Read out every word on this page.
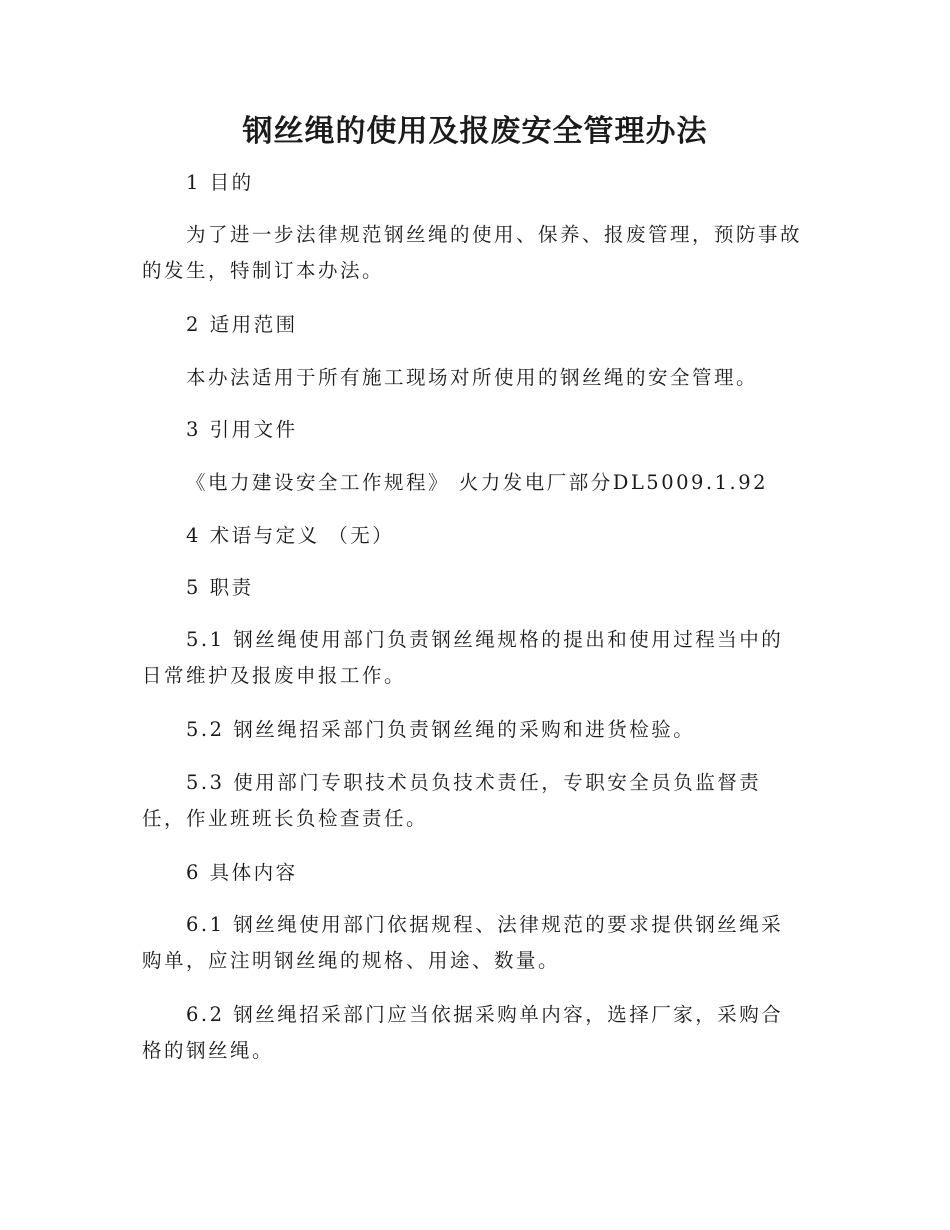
钢丝绳的使用及报废安全管理办法

1 目的

为了进一步法律规范钢丝绳的使用、保养、报废管理，预防事故的发生，特制订本办法。

2 适用范围

本办法适用于所有施工现场对所使用的钢丝绳的安全管理。

3 引用文件

《电力建设安全工作规程》 火力发电厂部分DL5009.1.92

4 术语与定义 （无）

5 职责

5.1 钢丝绳使用部门负责钢丝绳规格的提出和使用过程当中的日常维护及报废申报工作。

5.2 钢丝绳招采部门负责钢丝绳的采购和进货检验。

5.3 使用部门专职技术员负技术责任，专职安全员负监督责任，作业班班长负检查责任。

6 具体内容

6.1 钢丝绳使用部门依据规程、法律规范的要求提供钢丝绳采购单，应注明钢丝绳的规格、用途、数量。

6.2 钢丝绳招采部门应当依据采购单内容，选择厂家，采购合格的钢丝绳。
